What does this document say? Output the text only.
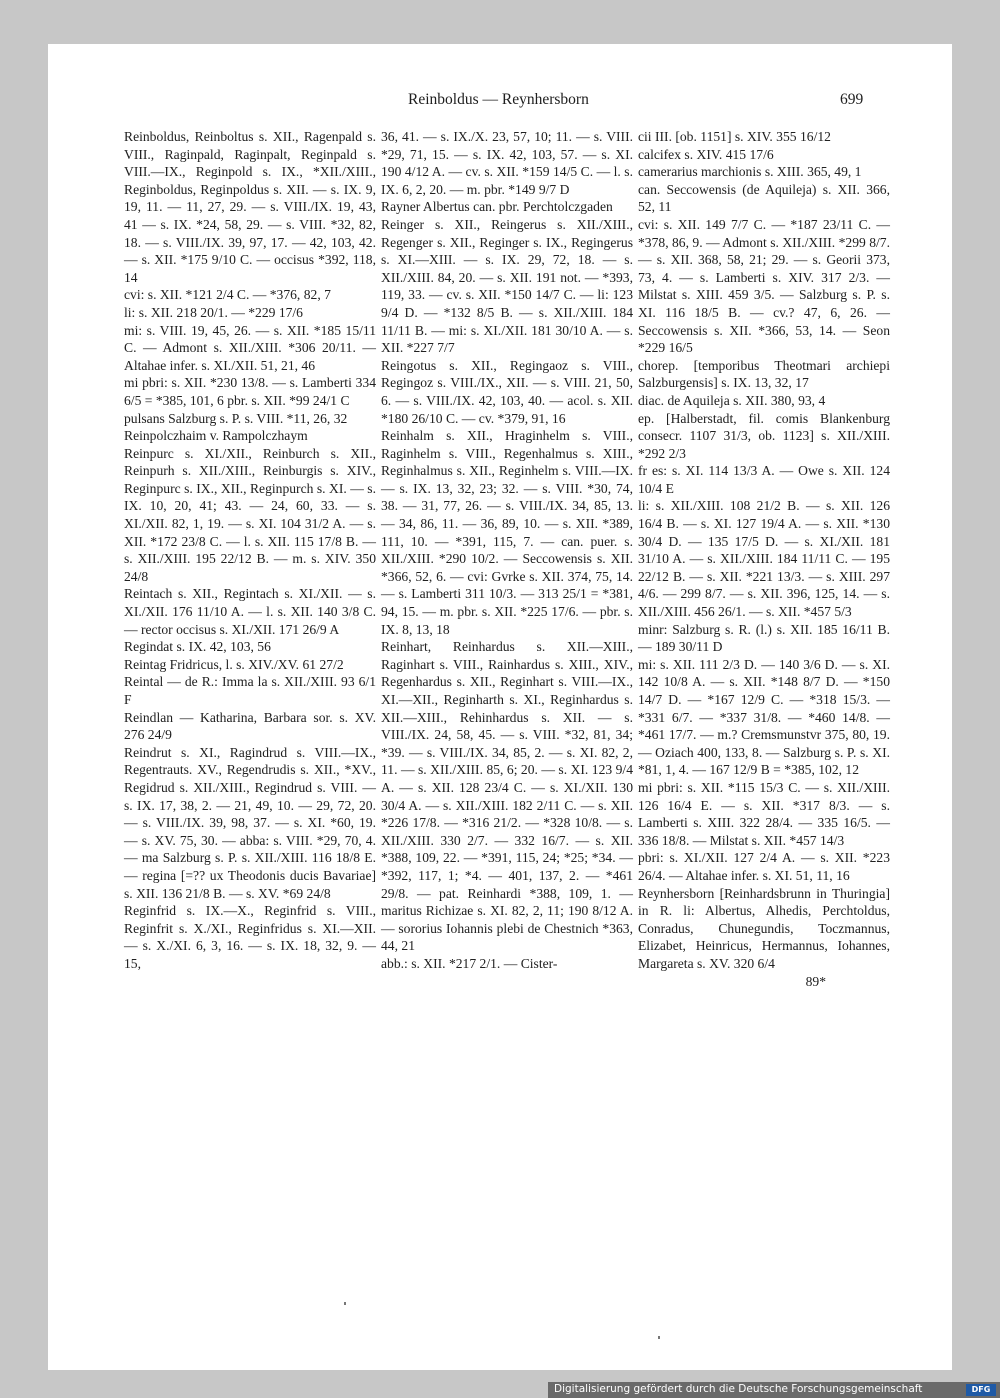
Reinboldus — Reynhersborn	699

Reinboldus, Reinboltus s. XII., Ragenpald s. VIII., Raginpald, Raginpalt, Reginpald s. VIII.—IX., Reginpold s. IX., *XII./XIII., Reginboldus, Reginpoldus s. XII. — s. IX. 9, 19, 11. — 11, 27, 29. — s. VIII./IX. 19, 43, 41 — s. IX. *24, 58, 29. — s. VIII. *32, 82, 18. — s. VIII./IX. 39, 97, 17. — 42, 103, 42. — s. XII. *175 9/10 C. — occisus *392, 118, 14
cvi: s. XII. *121 2/4 C. — *376, 82, 7
li: s. XII. 218 20/1. — *229 17/6
mi: s. VIII. 19, 45, 26. — s. XII. *185 15/11 C. — Admont s. XII./XIII. *306 20/11. — Altahae infer. s. XI./XII. 51, 21, 46
mi pbri: s. XII. *230 13/8. — s. Lamberti 334 6/5 = *385, 101, 6 pbr. s. XII. *99 24/1 C
pulsans Salzburg s. P. s. VIII. *11, 26, 32
Reinpolczhaim v. Rampolczhaym
Reinpurc s. XI./XII., Reinburch s. XII., Reinpurh s. XII./XIII., Reinburgis s. XIV., Reginpurc s. IX., XII., Reginpurch s. XI. — s. IX. 10, 20, 41; 43. — 24, 60, 33. — s. XI./XII. 82, 1, 19. — s. XI. 104 31/2 A. — s. XII. *172 23/8 C. — l. s. XII. 115 17/8 B. — s. XII./XIII. 195 22/12 B. — m. s. XIV. 350 24/8
Reintach s. XII., Regintach s. XI./XII. — s. XI./XII. 176 11/10 A. — l. s. XII. 140 3/8 C. — rector occisus s. XI./XII. 171 26/9 A
Regindat s. IX. 42, 103, 56
Reintag Fridricus, l. s. XIV./XV. 61 27/2
Reintal — de R.: Imma la s. XII./XIII. 93 6/1 F
Reindlan — Katharina, Barbara sor. s. XV. 276 24/9
Reindrut s. XI., Ragindrud s. VIII.—IX., Regentrauts. XV., Regendrudis s. XII., *XV., Regidrud s. XII./XIII., Regindrud s. VIII. — s. IX. 17, 38, 2. — 21, 49, 10. — 29, 72, 20. — s. VIII./IX. 39, 98, 37. — s. XI. *60, 19. — s. XV. 75, 30. — abba: s. VIII. *29, 70, 4. — ma Salzburg s. P. s. XII./XIII. 116 18/8 E. — regina [=?? ux Theodonis ducis Bavariae] s. XII. 136 21/8 B. — s. XV. *69 24/8
Reginfrid s. IX.—X., Reginfrid s. VIII., Reginfrit s. X./XI., Reginfridus s. XI.—XII. — s. X./XI. 6, 3, 16. — s. IX. 18, 32, 9. — 15,

36, 41. — s. IX./X. 23, 57, 10; 11. — s. VIII. *29, 71, 15. — s. IX. 42, 103, 57. — s. XI. 190 4/12 A. — cv. s. XII. *159 14/5 C. — l. s. IX. 6, 2, 20. — m. pbr. *149 9/7 D
Rayner Albertus can. pbr. Perchtolczgaden
Reinger s. XII., Reingerus s. XII./XIII., Regenger s. XII., Reginger s. IX., Regingerus s. XI.—XIII. — s. IX. 29, 72, 18. — s. XII./XIII. 84, 20. — s. XII. 191 not. — *393, 119, 33. — cv. s. XII. *150 14/7 C. — li: 123 9/4 D. — *132 8/5 B. — s. XII./XIII. 184 11/11 B. — mi: s. XI./XII. 181 30/10 A. — s. XII. *227 7/7
Reingotus s. XII., Regingaoz s. VIII., Regingoz s. VIII./IX., XII. — s. VIII. 21, 50, 6. — s. VIII./IX. 42, 103, 40. — acol. s. XII. *180 26/10 C. — cv. *379, 91, 16
Reinhalm s. XII., Hraginhelm s. VIII., Raginhelm s. VIII., Regenhalmus s. XIII., Reginhalmus s. XII., Reginhelm s. VIII.—IX. — s. IX. 13, 32, 23; 32. — s. VIII. *30, 74, 38. — 31, 77, 26. — s. VIII./IX. 34, 85, 13. — 34, 86, 11. — 36, 89, 10. — s. XII. *389, 111, 10. — *391, 115, 7. — can. puer. s. XII./XIII. *290 10/2. — Seccowensis s. XII. *366, 52, 6. — cvi: Gvrke s. XII. 374, 75, 14. — s. Lamberti 311 10/3. — 313 25/1 = *381, 94, 15. — m. pbr. s. XII. *225 17/6. — pbr. s. IX. 8, 13, 18
Reinhart, Reinhardus s. XII.—XIII., Raginhart s. VIII., Rainhardus s. XIII., XIV., Regenhardus s. XII., Reginhart s. VIII.—IX., XI.—XII., Reginharth s. XI., Reginhardus s. XII.—XIII., Rehinhardus s. XII. — s. VIII./IX. 24, 58, 45. — s. VIII. *32, 81, 34; *39. — s. VIII./IX. 34, 85, 2. — s. XI. 82, 2, 11. — s. XII./XIII. 85, 6; 20. — s. XI. 123 9/4 A. — s. XII. 128 23/4 C. — s. XI./XII. 130 30/4 A. — s. XII./XIII. 182 2/11 C. — s. XII. *226 17/8. — *316 21/2. — *328 10/8. — s. XII./XIII. 330 2/7. — 332 16/7. — s. XII. *388, 109, 22. — *391, 115, 24; *25; *34. — *392, 117, 1; *4. — 401, 137, 2. — *461 29/8. — pat. Reinhardi *388, 109, 1. — maritus Richizae s. XI. 82, 2, 11; 190 8/12 A. — sororius Iohannis plebi de Chestnich *363, 44, 21
abb.: s. XII. *217 2/1. — Cister-

cii III. [ob. 1151] s. XIV. 355 16/12
calcifex s. XIV. 415 17/6
camerarius marchionis s. XIII. 365, 49, 1
can. Seccowensis (de Aquileja) s. XII. 366, 52, 11
cvi: s. XII. 149 7/7 C. — *187 23/11 C. — *378, 86, 9. — Admont s. XII./XIII. *299 8/7. — s. XII. 368, 58, 21; 29. — s. Georii 373, 73, 4. — s. Lamberti s. XIV. 317 2/3. — Milstat s. XIII. 459 3/5. — Salzburg s. P. s. XI. 116 18/5 B. — cv.? 47, 6, 26. — Seccowensis s. XII. *366, 53, 14. — Seon *229 16/5
chorep. [temporibus Theotmari archiepi Salzburgensis] s. IX. 13, 32, 17
diac. de Aquileja s. XII. 380, 93, 4
ep. [Halberstadt, fil. comis Blankenburg consecr. 1107 31/3, ob. 1123] s. XII./XIII. *292 2/3
fr es: s. XI. 114 13/3 A. — Owe s. XII. 124 10/4 E
li: s. XII./XIII. 108 21/2 B. — s. XII. 126 16/4 B. — s. XI. 127 19/4 A. — s. XII. *130 30/4 D. — 135 17/5 D. — s. XI./XII. 181 31/10 A. — s. XII./XIII. 184 11/11 C. — 195 22/12 B. — s. XII. *221 13/3. — s. XIII. 297 4/6. — 299 8/7. — s. XII. 396, 125, 14. — s. XII./XIII. 456 26/1. — s. XII. *457 5/3
minr: Salzburg s. R. (l.) s. XII. 185 16/11 B. — 189 30/11 D
mi: s. XII. 111 2/3 D. — 140 3/6 D. — s. XI. 142 10/8 A. — s. XII. *148 8/7 D. — *150 14/7 D. — *167 12/9 C. — *318 15/3. — *331 6/7. — *337 31/8. — *460 14/8. — *461 17/7. — m.? Cremsmunstvr 375, 80, 19. — Oziach 400, 133, 8. — Salzburg s. P. s. XI. *81, 1, 4. — 167 12/9 B = *385, 102, 12
mi pbri: s. XII. *115 15/3 C. — s. XII./XIII. 126 16/4 E. — s. XII. *317 8/3. — s. Lamberti s. XIII. 322 28/4. — 335 16/5. — 336 18/8. — Milstat s. XII. *457 14/3
pbri: s. XI./XII. 127 2/4 A. — s. XII. *223 26/4. — Altahae infer. s. XI. 51, 11, 16
Reynhersborn [Reinhardsbrunn in Thuringia] in R. li: Albertus, Alhedis, Perchtoldus, Conradus, Chunegundis, Toczmannus, Elizabet, Heinricus, Hermannus, Iohannes, Margareta s. XV. 320 6/4

89*

Digitalisierung gefördert durch die Deutsche Forschungsgemeinschaft	DFG
